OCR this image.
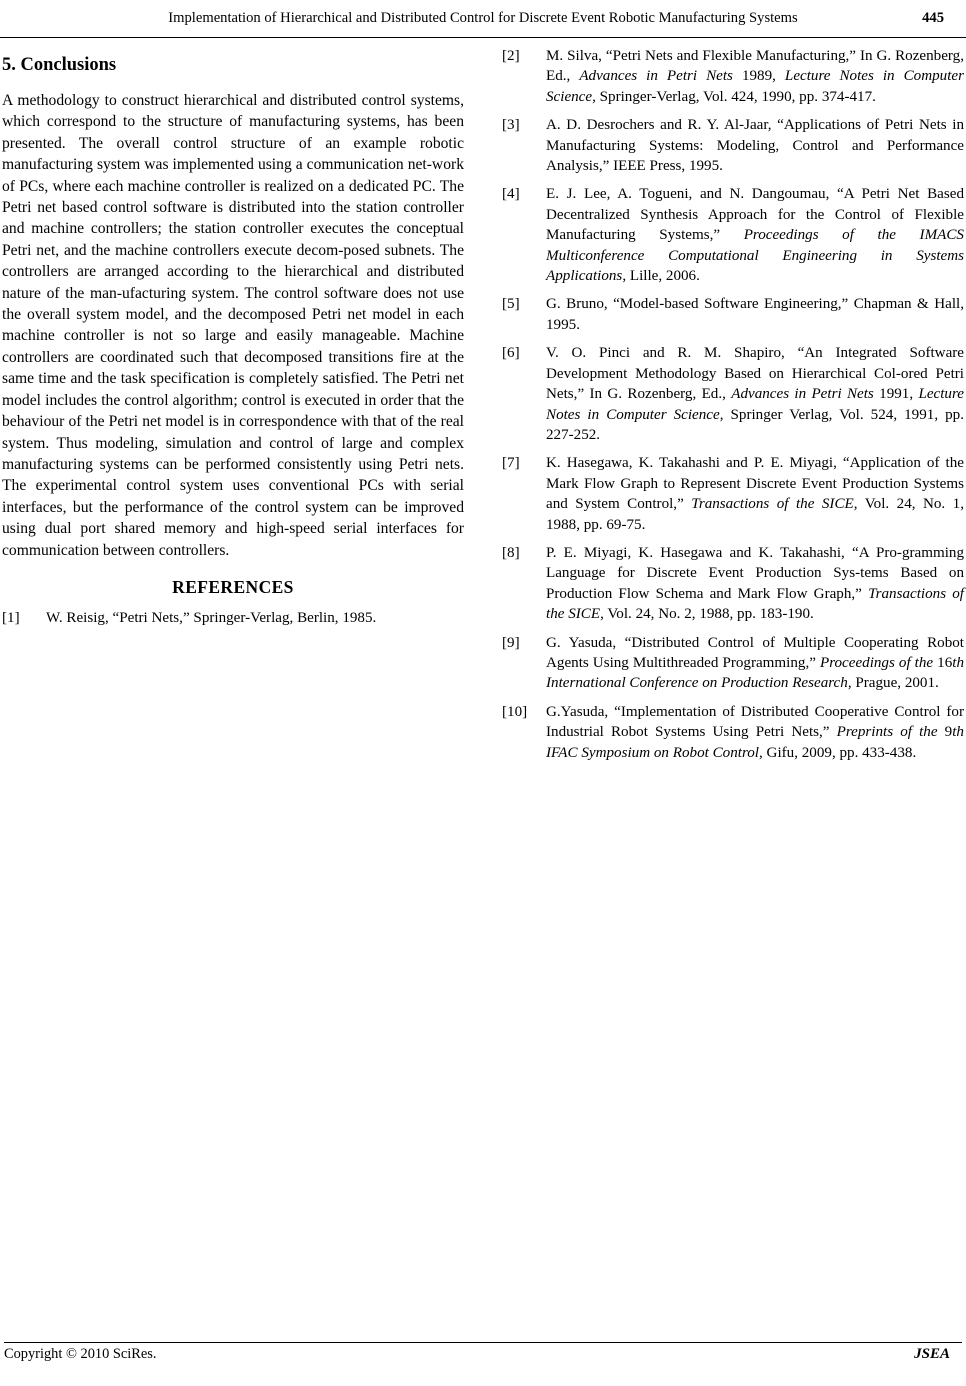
Implementation of Hierarchical and Distributed Control for Discrete Event Robotic Manufacturing Systems	445
5. Conclusions

A methodology to construct hierarchical and distributed control systems, which correspond to the structure of manufacturing systems, has been presented. The overall control structure of an example robotic manufacturing system was implemented using a communication net-work of PCs, where each machine controller is realized on a dedicated PC. The Petri net based control software is distributed into the station controller and machine controllers; the station controller executes the conceptual Petri net, and the machine controllers execute decom-posed subnets. The controllers are arranged according to the hierarchical and distributed nature of the man-ufacturing system. The control software does not use the overall system model, and the decomposed Petri net model in each machine controller is not so large and easily manageable. Machine controllers are coordinated such that decomposed transitions fire at the same time and the task specification is completely satisfied. The Petri net model includes the control algorithm; control is executed in order that the behaviour of the Petri net model is in correspondence with that of the real system. Thus modeling, simulation and control of large and complex manufacturing systems can be performed consistently using Petri nets. The experimental control system uses conventional PCs with serial interfaces, but the performance of the control system can be improved using dual port shared memory and high-speed serial interfaces for communication between controllers.

REFERENCES
[1]	W. Reisig, “Petri Nets,” Springer-Verlag, Berlin, 1985.
[2]	M. Silva, “Petri Nets and Flexible Manufacturing,” In G. Rozenberg, Ed., Advances in Petri Nets 1989, Lecture Notes in Computer Science, Springer-Verlag, Vol. 424, 1990, pp. 374-417.
[3]	A. D. Desrochers and R. Y. Al-Jaar, “Applications of Petri Nets in Manufacturing Systems: Modeling, Control and Performance Analysis,” IEEE Press, 1995.
[4]	E. J. Lee, A. Togueni, and N. Dangoumau, “A Petri Net Based Decentralized Synthesis Approach for the Control of Flexible Manufacturing Systems,” Proceedings of the IMACS Multiconference Computational Engineering in Systems Applications, Lille, 2006.
[5]	G. Bruno, “Model-based Software Engineering,” Chapman & Hall, 1995.
[6]	V. O. Pinci and R. M. Shapiro, “An Integrated Software Development Methodology Based on Hierarchical Col-ored Petri Nets,” In G. Rozenberg, Ed., Advances in Petri Nets 1991, Lecture Notes in Computer Science, Springer Verlag, Vol. 524, 1991, pp. 227-252.
[7]	K. Hasegawa, K. Takahashi and P. E. Miyagi, “Application of the Mark Flow Graph to Represent Discrete Event Production Systems and System Control,” Transactions of the SICE, Vol. 24, No. 1, 1988, pp. 69-75.
[8]	P. E. Miyagi, K. Hasegawa and K. Takahashi, “A Pro-gramming Language for Discrete Event Production Sys-tems Based on Production Flow Schema and Mark Flow Graph,” Transactions of the SICE, Vol. 24, No. 2, 1988, pp. 183-190.
[9]	G. Yasuda, “Distributed Control of Multiple Cooperating Robot Agents Using Multithreaded Programming,” Proceedings of the 16th International Conference on Production Research, Prague, 2001.
[10]	G.Yasuda, “Implementation of Distributed Cooperative Control for Industrial Robot Systems Using Petri Nets,” Preprints of the 9th IFAC Symposium on Robot Control, Gifu, 2009, pp. 433-438.
Copyright © 2010 SciRes.	JSEA
